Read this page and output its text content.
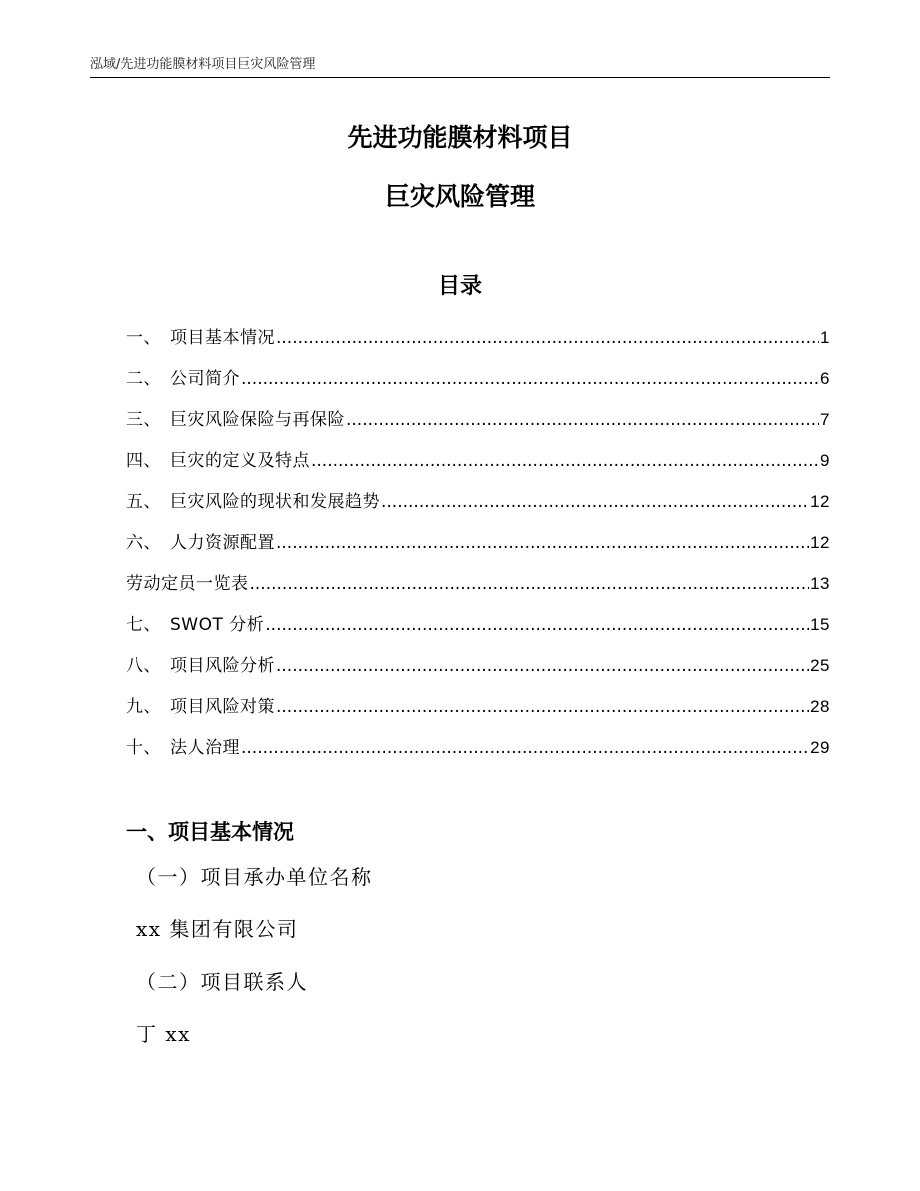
泓域/先进功能膜材料项目巨灾风险管理
先进功能膜材料项目
巨灾风险管理
目录
一、 项目基本情况 .....	1
二、 公司简介 .....	6
三、 巨灾风险保险与再保险 .....	7
四、 巨灾的定义及特点 .....	9
五、 巨灾风险的现状和发展趋势 .....	12
六、 人力资源配置 .....	12
劳动定员一览表 .....	13
七、 SWOT 分析 .....	15
八、 项目风险分析 .....	25
九、 项目风险对策 .....	28
十、 法人治理 .....	29
一、项目基本情况
（一）项目承办单位名称
xx 集团有限公司
（二）项目联系人
丁 xx
